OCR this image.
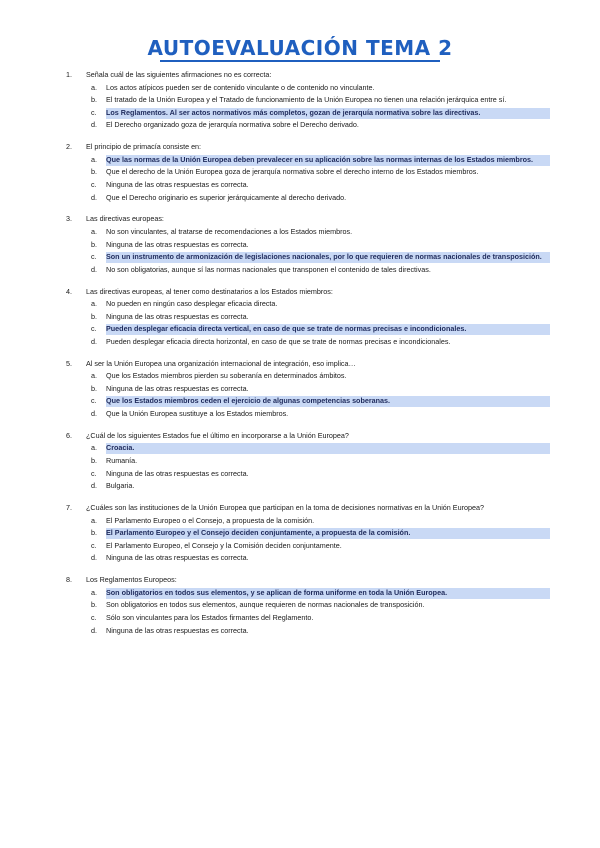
AUTOEVALUACIÓN TEMA 2
1. Señala cuál de las siguientes afirmaciones no es correcta:
a. Los actos atípicos pueden ser de contenido vinculante o de contenido no vinculante.
b. El tratado de la Unión Europea y el Tratado de funcionamiento de la Unión Europea no tienen una relación jerárquica entre sí.
c. Los Reglamentos. Al ser actos normativos más completos, gozan de jerarquía normativa sobre las directivas.
d. El Derecho organizado goza de jerarquía normativa sobre el Derecho derivado.
2. El principio de primacía consiste en:
a. Que las normas de la Unión Europea deben prevalecer en su aplicación sobre las normas internas de los Estados miembros.
b. Que el derecho de la Unión Europea goza de jerarquía normativa sobre el derecho interno de los Estados miembros.
c. Ninguna de las otras respuestas es correcta.
d. Que el Derecho originario es superior jerárquicamente al derecho derivado.
3. Las directivas europeas:
a. No son vinculantes, al tratarse de recomendaciones a los Estados miembros.
b. Ninguna de las otras respuestas es correcta.
c. Son un instrumento de armonización de legislaciones nacionales, por lo que requieren de normas nacionales de transposición.
d. No son obligatorias, aunque sí las normas nacionales que transponen el contenido de tales directivas.
4. Las directivas europeas, al tener como destinatarios a los Estados miembros:
a. No pueden en ningún caso desplegar eficacia directa.
b. Ninguna de las otras respuestas es correcta.
c. Pueden desplegar eficacia directa vertical, en caso de que se trate de normas precisas e incondicionales.
d. Pueden desplegar eficacia directa horizontal, en caso de que se trate de normas precisas e incondicionales.
5. Al ser la Unión Europea una organización internacional de integración, eso implica…
a. Que los Estados miembros pierden su soberanía en determinados ámbitos.
b. Ninguna de las otras respuestas es correcta.
c. Que los Estados miembros ceden el ejercicio de algunas competencias soberanas.
d. Que la Unión Europea sustituye a los Estados miembros.
6. ¿Cuál de los siguientes Estados fue el último en incorporarse a la Unión Europea?
a. Croacia.
b. Rumanía.
c. Ninguna de las otras respuestas es correcta.
d. Bulgaria.
7. ¿Cuáles son las instituciones de la Unión Europea que participan en la toma de decisiones normativas en la Unión Europea?
a. El Parlamento Europeo o el Consejo, a propuesta de la comisión.
b. El Parlamento Europeo y el Consejo deciden conjuntamente, a propuesta de la comisión.
c. El Parlamento Europeo, el Consejo y la Comisión deciden conjuntamente.
d. Ninguna de las otras respuestas es correcta.
8. Los Reglamentos Europeos:
a. Son obligatorios en todos sus elementos, y se aplican de forma uniforme en toda la Unión Europea.
b. Son obligatorios en todos sus elementos, aunque requieren de normas nacionales de transposición.
c. Sólo son vinculantes para los Estados firmantes del Reglamento.
d. Ninguna de las otras respuestas es correcta.
